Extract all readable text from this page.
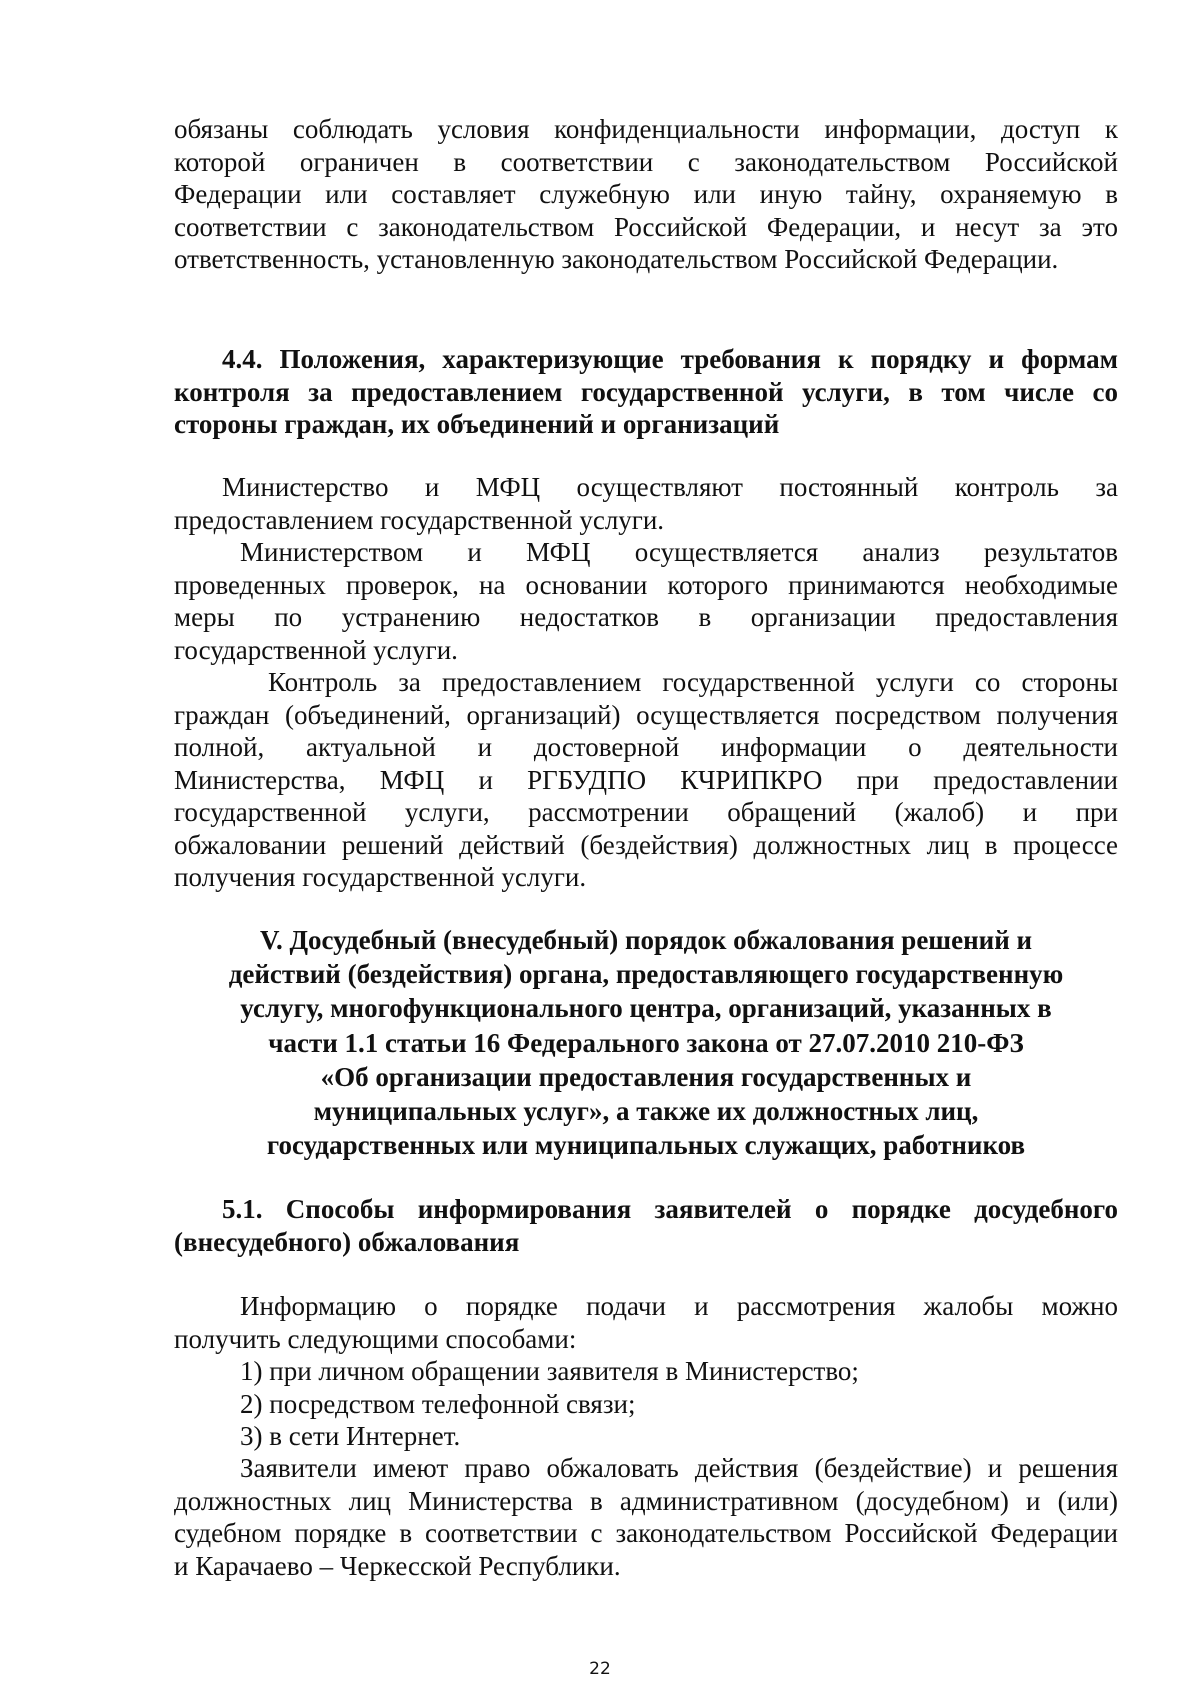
обязаны соблюдать условия конфиденциальности информации, доступ к
которой ограничен в соответствии с законодательством Российской
Федерации или составляет служебную или иную тайну, охраняемую в
соответствии с законодательством Российской Федерации, и несут за это
ответственность, установленную законодательством Российской Федерации.
4.4. Положения, характеризующие требования к порядку и формам
контроля за предоставлением государственной услуги, в том числе со
стороны граждан, их объединений и организаций
Министерство и МФЦ осуществляют постоянный контроль за
предоставлением государственной услуги.
Министерством и МФЦ осуществляется анализ результатов
проведенных проверок, на основании которого принимаются необходимые
меры по устранению недостатков в организации предоставления
государственной услуги.
Контроль за предоставлением государственной услуги со стороны
граждан (объединений, организаций) осуществляется посредством получения
полной, актуальной и достоверной информации о деятельности
Министерства, МФЦ и РГБУДПО КЧРИПКРО при предоставлении
государственной услуги, рассмотрении обращений (жалоб) и при
обжаловании решений действий (бездействия) должностных лиц в процессе
получения государственной услуги.
V. Досудебный (внесудебный) порядок обжалования решений и
действий (бездействия) органа, предоставляющего государственную
услугу, многофункционального центра, организаций, указанных в
части 1.1 статьи 16 Федерального закона от 27.07.2010 210-ФЗ
«Об организации предоставления государственных и
муниципальных услуг», а также их должностных лиц,
государственных или муниципальных служащих, работников
5.1. Способы информирования заявителей о порядке досудебного
(внесудебного) обжалования
Информацию о порядке подачи и рассмотрения жалобы можно
получить следующими способами:
1) при личном обращении заявителя в Министерство;
2) посредством телефонной связи;
3) в сети Интернет.
Заявители имеют право обжаловать действия (бездействие) и решения
должностных лиц Министерства в административном (досудебном) и (или)
судебном порядке в соответствии с законодательством Российской Федерации
и Карачаево – Черкесской Республики.
22
